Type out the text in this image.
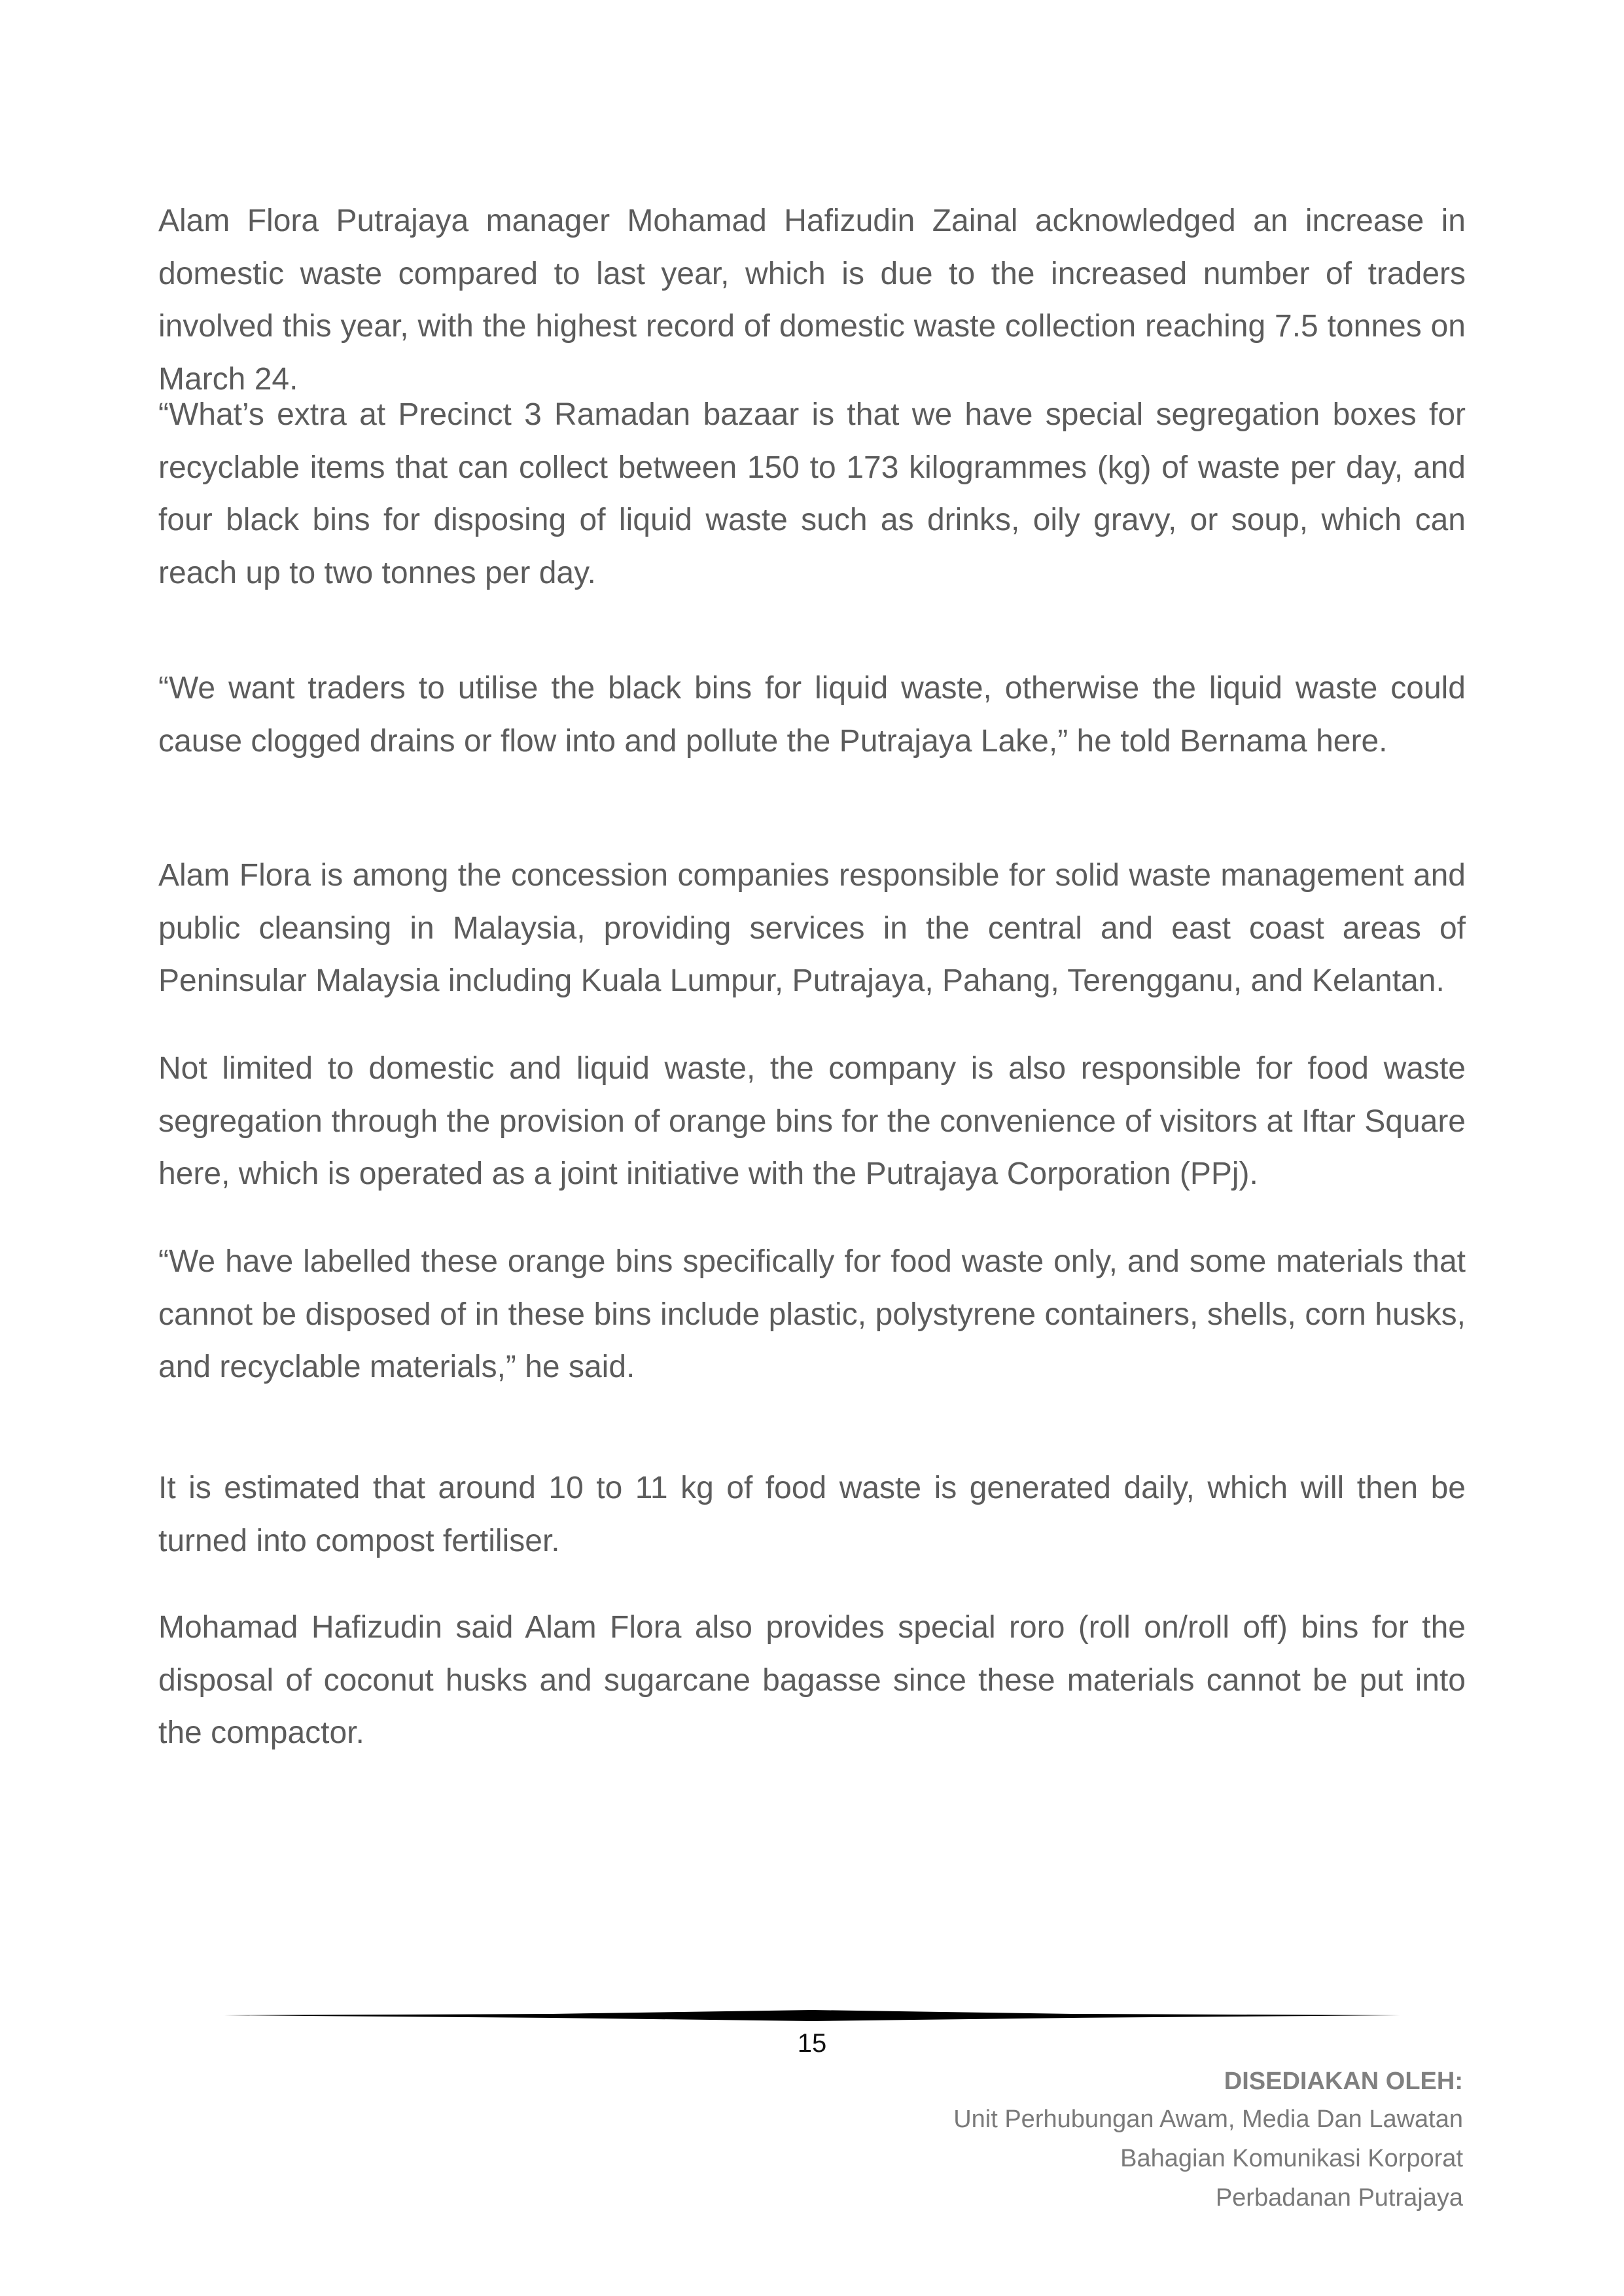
Alam Flora Putrajaya manager Mohamad Hafizudin Zainal acknowledged an increase in domestic waste compared to last year, which is due to the increased number of traders involved this year, with the highest record of domestic waste collection reaching 7.5 tonnes on March 24.

“What’s extra at Precinct 3 Ramadan bazaar is that we have special segregation boxes for recyclable items that can collect between 150 to 173 kilogrammes (kg) of waste per day, and four black bins for disposing of liquid waste such as drinks, oily gravy, or soup, which can reach up to two tonnes per day.

“We want traders to utilise the black bins for liquid waste, otherwise the liquid waste could cause clogged drains or flow into and pollute the Putrajaya Lake,” he told Bernama here.

Alam Flora is among the concession companies responsible for solid waste management and public cleansing in Malaysia, providing services in the central and east coast areas of Peninsular Malaysia including Kuala Lumpur, Putrajaya, Pahang, Terengganu, and Kelantan.

Not limited to domestic and liquid waste, the company is also responsible for food waste segregation through the provision of orange bins for the convenience of visitors at Iftar Square here, which is operated as a joint initiative with the Putrajaya Corporation (PPj).

“We have labelled these orange bins specifically for food waste only, and some materials that cannot be disposed of in these bins include plastic, polystyrene containers, shells, corn husks, and recyclable materials,” he said.

It is estimated that around 10 to 11 kg of food waste is generated daily, which will then be turned into compost fertiliser.

Mohamad Hafizudin said Alam Flora also provides special roro (roll on/roll off) bins for the disposal of coconut husks and sugarcane bagasse since these materials cannot be put into the compactor.

15
DISEDIAKAN OLEH:
Unit Perhubungan Awam, Media Dan Lawatan
Bahagian Komunikasi Korporat
Perbadanan Putrajaya
